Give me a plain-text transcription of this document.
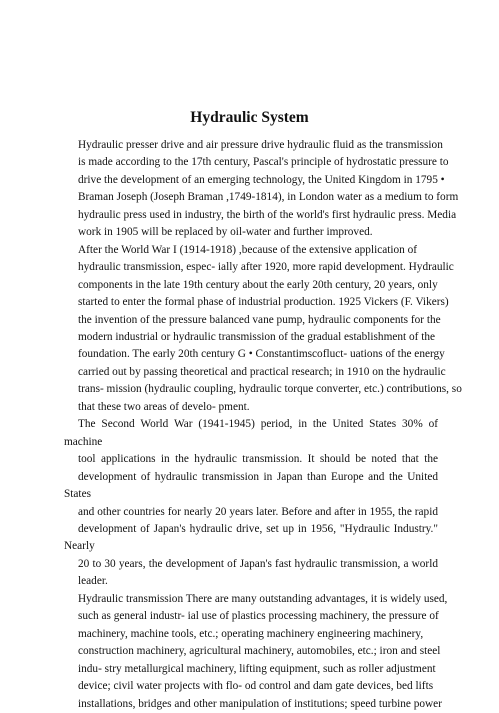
Hydraulic System

Hydraulic presser drive and air pressure drive hydraulic fluid as the transmission
is made according to the 17th century, Pascal's principle of hydrostatic pressure to
drive the development of an emerging technology, the United Kingdom in 1795 •
Braman Joseph (Joseph Braman ,1749-1814), in London water as a medium to form
hydraulic press used in industry, the birth of the world's first hydraulic press. Media
work in 1905 will be replaced by oil-water and further improved.

After the World War I (1914-1918) ,because of the extensive application of
hydraulic transmission, espec- ially after 1920, more rapid development. Hydraulic
components in the late 19th century about the early 20th century, 20 years, only
started to enter the formal phase of industrial production. 1925 Vickers (F. Vikers)
the invention of the pressure balanced vane pump, hydraulic components for the
modern industrial or hydraulic transmission of the gradual establishment of the
foundation. The early 20th century G • Constantimscofluct- uations of the energy
carried out by passing theoretical and practical research; in 1910 on the hydraulic
trans- mission (hydraulic coupling, hydraulic torque converter, etc.) contributions, so
that these two areas of develo- pment.

The Second World War (1941-1945) period, in the United States 30% of machine
tool applications in the hydraulic transmission. It should be noted that the
development of hydraulic transmission in Japan than Europe and the United States
and other countries for nearly 20 years later. Before and after in 1955, the rapid
development of Japan's hydraulic drive, set up in 1956, "Hydraulic Industry." Nearly
20 to 30 years, the development of Japan's fast hydraulic transmission, a world
leader.

Hydraulic transmission There are many outstanding advantages, it is widely used,
such as general industr- ial use of plastics processing machinery, the pressure of
machinery, machine tools, etc.; operating machinery engineering machinery,
construction machinery, agricultural machinery, automobiles, etc.; iron and steel
indu- stry metallurgical machinery, lifting equipment, such as roller adjustment
device; civil water projects with flo- od control and dam gate devices, bed lifts
installations, bridges and other manipulation of institutions; speed turbine power
